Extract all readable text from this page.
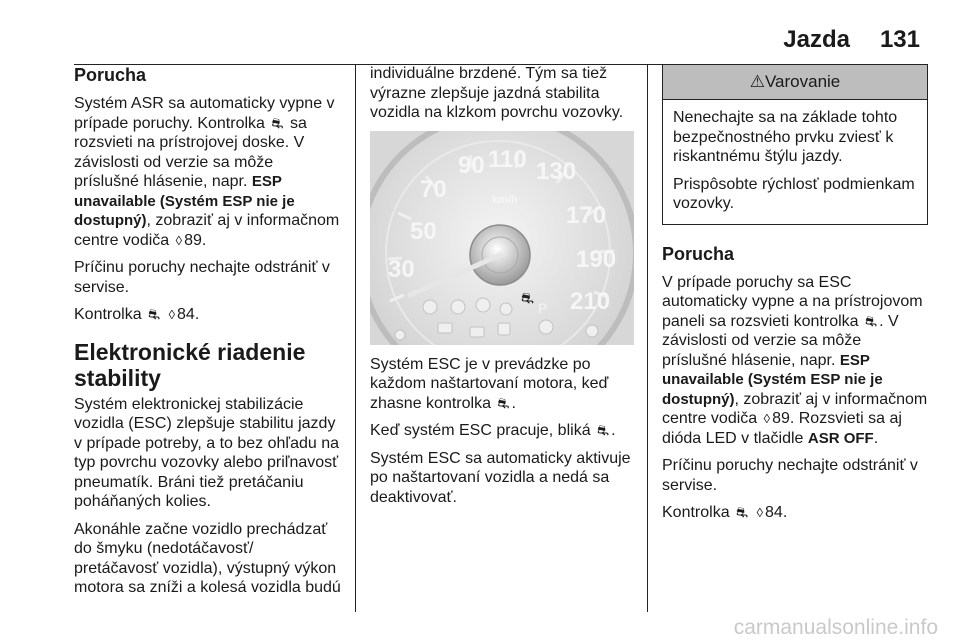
Jazda 131
Porucha

Systém ASR sa automaticky vypne v prípade poruchy. Kontrolka ⛐ sa rozsvieti na prístrojovej doske. V závislosti od verzie sa môže príslušné hlásenie, napr. ESP unavailable (Systém ESP nie je dostupný), zobraziť aj v informačnom centre vodiča ◊ 89.

Príčinu poruchy nechajte odstrániť v servise.

Kontrolka ⛐ ◊ 84.

Elektronické riadenie stability

Systém elektronickej stabilizácie vozidla (ESC) zlepšuje stabilitu jazdy v prípade potreby, a to bez ohľadu na typ povrchu vozovky alebo priľnavosť pneumatík. Bráni tiež pretáčaniu poháňaných kolies.

Akonáhle začne vozidlo prechádzať do šmyku (nedotáčavosť/ pretáčavosť vozidla), výstupný výkon motora sa zníži a kolesá vozidla budú

individuálne brzdené. Tým sa tiež výrazne zlepšuje jazdná stabilita vozidla na klzkom povrchu vozovky.

90 110 130
70
50
170
30	190
210
km/h
⛐
P

Systém ESC je v prevádzke po každom naštartovaní motora, keď zhasne kontrolka ⛐ .

Keď systém ESC pracuje, bliká ⛐ .

Systém ESC sa automaticky aktivuje po naštartovaní vozidla a nedá sa deaktivovať.

⚠Varovanie

Nenechajte sa na základe tohto bezpečnostného prvku zviesť k riskantnému štýlu jazdy.

Prispôsobte rýchlosť podmienkam vozovky.

Porucha

V prípade poruchy sa ESC automaticky vypne a na prístrojovom paneli sa rozsvieti kontrolka ⛐ . V závislosti od verzie sa môže príslušné hlásenie, napr. ESP unavailable (Systém ESP nie je dostupný), zobraziť aj v informačnom centre vodiča ◊ 89. Rozsvieti sa aj dióda LED v tlačidle ASR OFF.

Príčinu poruchy nechajte odstrániť v servise.

Kontrolka ⛐ ◊ 84.

carmanualsonline.info
